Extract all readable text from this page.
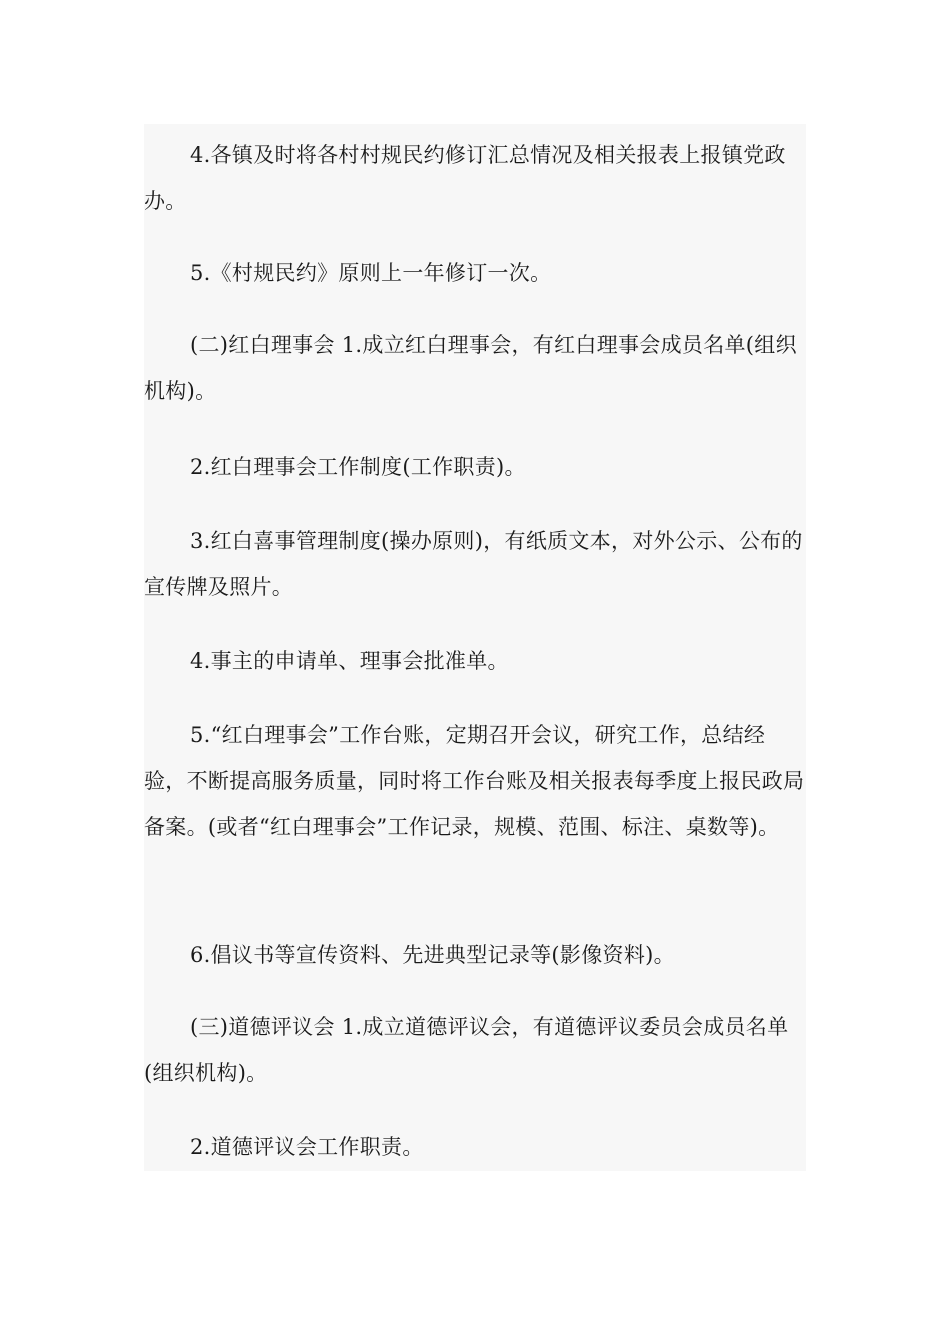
4.各镇及时将各村村规民约修订汇总情况及相关报表上报镇党政办。

5.《村规民约》原则上一年修订一次。

(二)红白理事会 1.成立红白理事会，有红白理事会成员名单(组织机构)。

2.红白理事会工作制度(工作职责)。

3.红白喜事管理制度(操办原则)，有纸质文本，对外公示、公布的宣传牌及照片。

4.事主的申请单、理事会批准单。

5.“红白理事会”工作台账，定期召开会议，研究工作，总结经验，不断提高服务质量，同时将工作台账及相关报表每季度上报民政局备案。(或者“红白理事会”工作记录，规模、范围、标注、桌数等)。

6.倡议书等宣传资料、先进典型记录等(影像资料)。

(三)道德评议会 1.成立道德评议会，有道德评议委员会成员名单(组织机构)。

2.道德评议会工作职责。
